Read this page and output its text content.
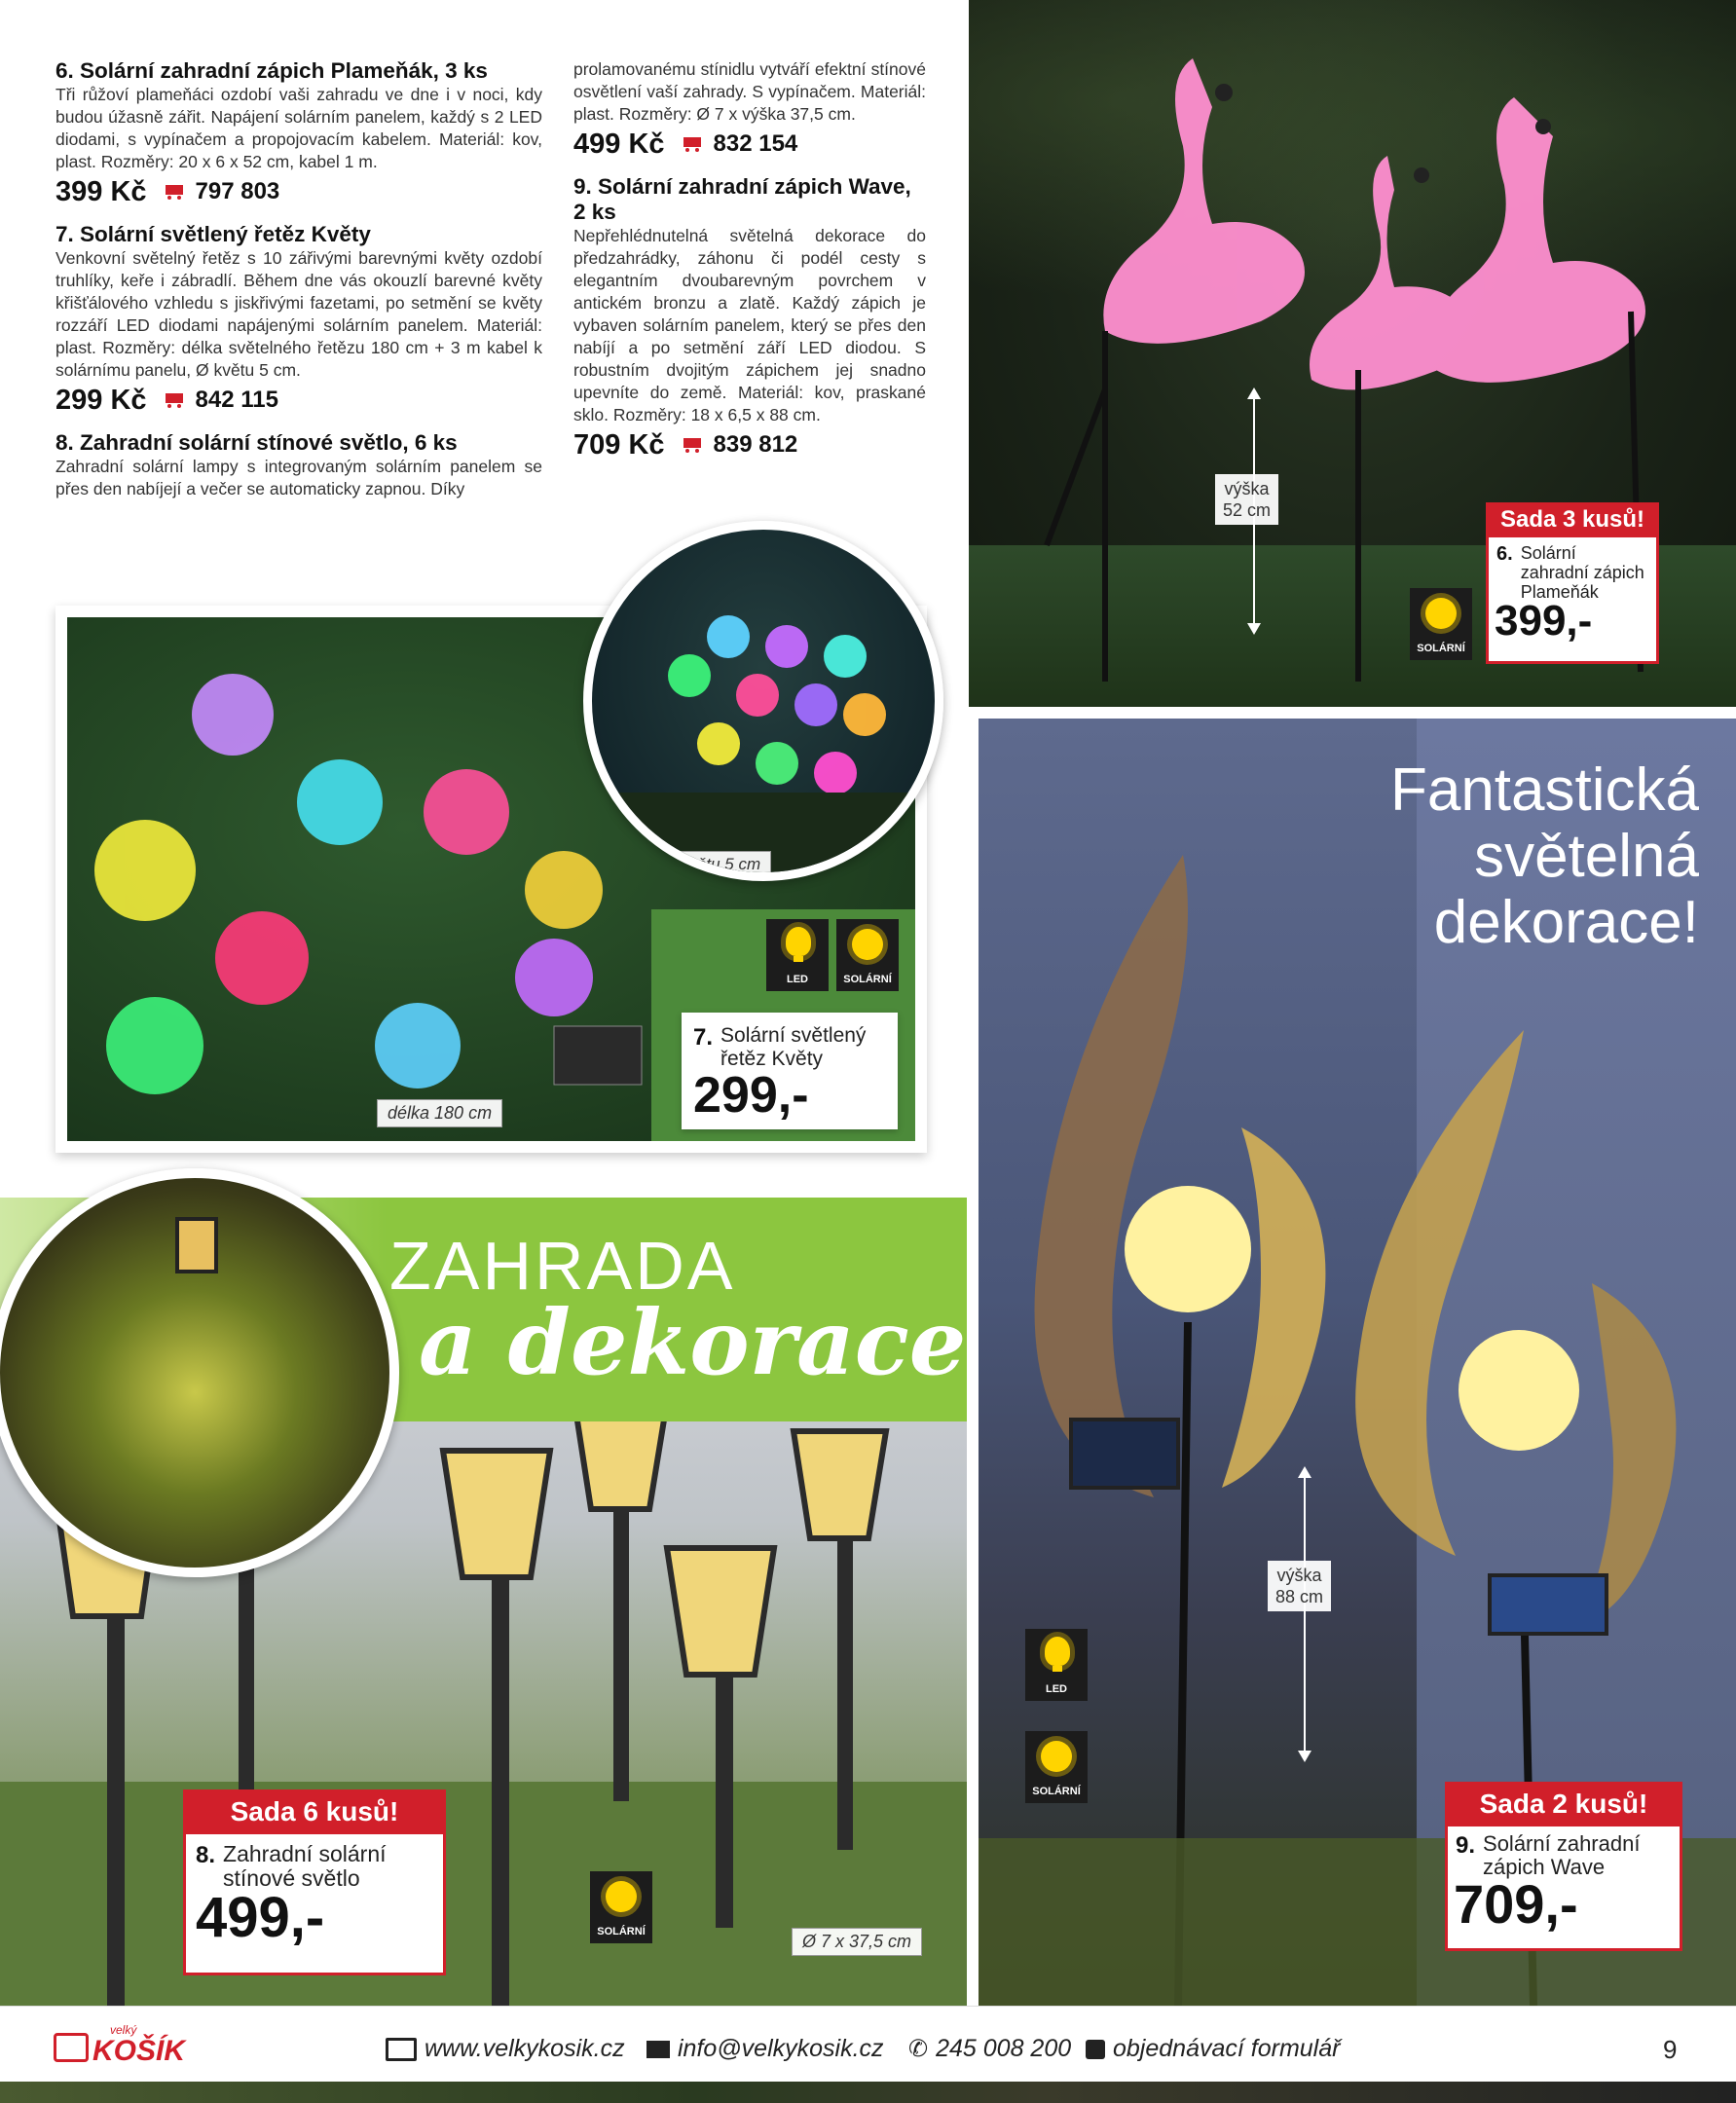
6. Solární zahradní zápich Plameňák, 3 ks

Tři růžoví plameňáci ozdobí vaši zahradu ve dne i v noci, kdy budou úžasně zářit. Napájení solárním panelem, každý s 2 LED diodami, s vypínačem a propojovacím kabelem. Materiál: kov, plast. Rozměry: 20 x 6 x 52 cm, kabel 1 m.

399 Kč 797 803
7. Solární světlený řetěz Květy

Venkovní světelný řetěz s 10 zářivými barevnými květy ozdobí truhlíky, keře i zábradlí. Během dne vás okouzlí barevné květy křišťálového vzhledu s jiskřivými fazetami, po setmění se květy rozzáří LED diodami napájenými solárním panelem. Materiál: plast. Rozměry: délka světelného řetězu 180 cm + 3 m kabel k solárnímu panelu, Ø květu 5 cm.

299 Kč 842 115
8. Zahradní solární stínové světlo, 6 ks

Zahradní solární lampy s integrovaným solárním panelem se přes den nabíjejí a večer se automaticky zapnou. Díky

prolamovanému stínidlu vytváří efektní stínové osvětlení vaší zahrady. S vypínačem. Materiál: plast. Rozměry: Ø 7 x výška 37,5 cm.

499 Kč 832 154
9. Solární zahradní zápich Wave, 2 ks

Nepřehlédnutelná světelná dekorace do předzahrádky, záhonu či podél cesty s elegantním dvoubarevným povrchem v antickém bronzu a zlatě. Každý zápich je vybaven solárním panelem, který se přes den nabíjí a po setmění září LED diodou. S robustním dvojitým zápichem jej snadno upevníte do země. Materiál: kov, praskané sklo. Rozměry: 18 x 6,5 x 88 cm.

709 Kč 839 812
výška
52 cm
SOLÁRNÍ
Sada 3 kusů!
6. Solární zahradní zápich Plameňák
399,-
délka 180 cm
Ø květu 5 cm
LED	SOLÁRNÍ
7. Solární světlený řetěz Květy
299,-
ZAHRADA
a dekorace
Ø 7 x 37,5 cm
SOLÁRNÍ
Sada 6 kusů!
8. Zahradní solární stínové světlo
499,-
Fantastická
světelná
dekorace!
výška
88 cm
LED
SOLÁRNÍ	Sada 2 kusů!
9. Solární zahradní zápich Wave
709,-
velký
KOŠÍK	www.velkykosik.cz info@velkykosik.cz ✆ 245 008 200 objednávací formulář	9
